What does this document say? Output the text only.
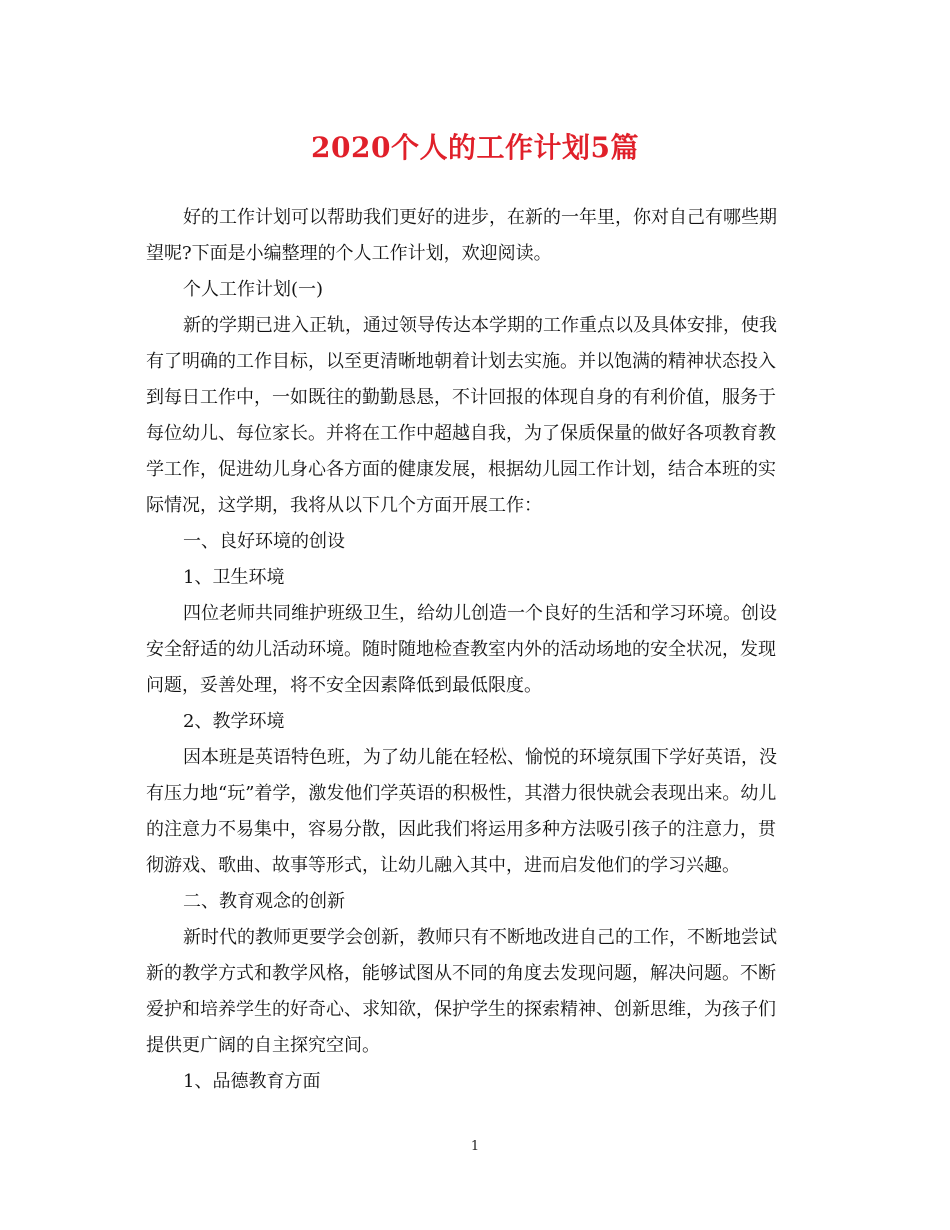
2020个人的工作计划5篇

好的工作计划可以帮助我们更好的进步，在新的一年里，你对自己有哪些期

望呢?下面是小编整理的个人工作计划，欢迎阅读。

个人工作计划(一)

新的学期已进入正轨，通过领导传达本学期的工作重点以及具体安排，使我

有了明确的工作目标，以至更清晰地朝着计划去实施。并以饱满的精神状态投入

到每日工作中，一如既往的勤勤恳恳，不计回报的体现自身的有利价值，服务于

每位幼儿、每位家长。并将在工作中超越自我，为了保质保量的做好各项教育教

学工作，促进幼儿身心各方面的健康发展，根据幼儿园工作计划，结合本班的实

际情况，这学期，我将从以下几个方面开展工作：

一、良好环境的创设

1、卫生环境

四位老师共同维护班级卫生，给幼儿创造一个良好的生活和学习环境。创设

安全舒适的幼儿活动环境。随时随地检查教室内外的活动场地的安全状况，发现

问题，妥善处理，将不安全因素降低到最低限度。

2、教学环境

因本班是英语特色班，为了幼儿能在轻松、愉悦的环境氛围下学好英语，没

有压力地“玩”着学，激发他们学英语的积极性，其潜力很快就会表现出来。幼儿

的注意力不易集中，容易分散，因此我们将运用多种方法吸引孩子的注意力，贯

彻游戏、歌曲、故事等形式，让幼儿融入其中，进而启发他们的学习兴趣。

二、教育观念的创新

新时代的教师更要学会创新，教师只有不断地改进自己的工作，不断地尝试

新的教学方式和教学风格，能够试图从不同的角度去发现问题，解决问题。不断

爱护和培养学生的好奇心、求知欲，保护学生的探索精神、创新思维，为孩子们

提供更广阔的自主探究空间。

1、品德教育方面

1
